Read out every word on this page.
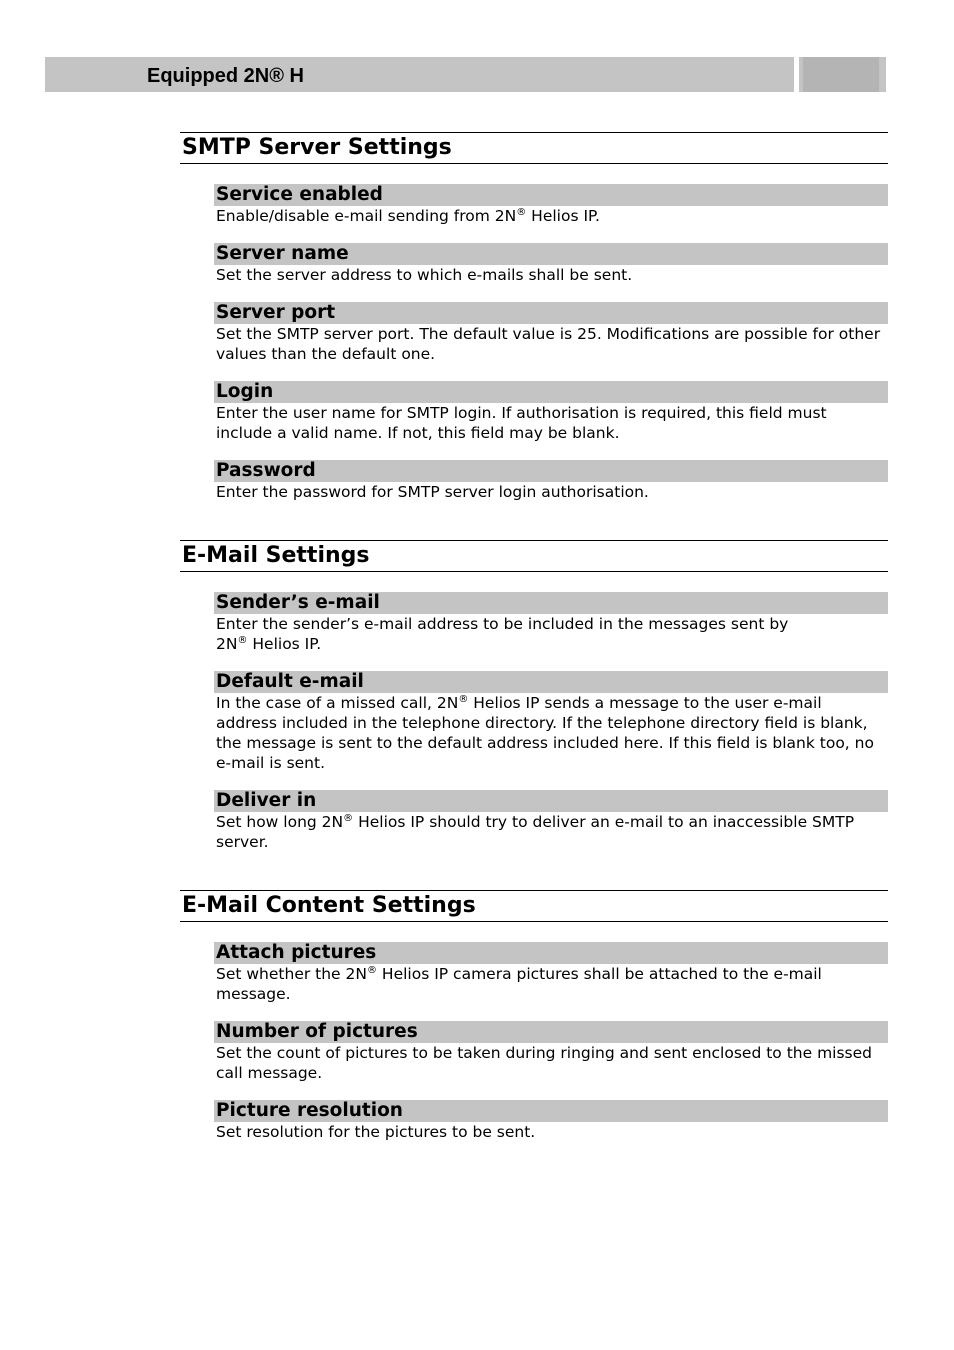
Equipped 2N® H
SMTP Server Settings
Service enabled

Enable/disable e-mail sending from 2N® Helios IP.

Server name

Set the server address to which e-mails shall be sent.

Server port

Set the SMTP server port. The default value is 25. Modifications are possible for other values than the default one.

Login

Enter the user name for SMTP login. If authorisation is required, this field must include a valid name. If not, this field may be blank.

Password

Enter the password for SMTP server login authorisation.

E-Mail Settings
Sender’s e-mail

Enter the sender’s e-mail address to be included in the messages sent by
2N® Helios IP.

Default e-mail

In the case of a missed call, 2N® Helios IP sends a message to the user e-mail address included in the telephone directory. If the telephone directory field is blank, the message is sent to the default address included here. If this field is blank too, no e-mail is sent.

Deliver in

Set how long 2N® Helios IP should try to deliver an e-mail to an inaccessible SMTP server.

E-Mail Content Settings
Attach pictures

Set whether the 2N® Helios IP camera pictures shall be attached to the e-mail message.

Number of pictures

Set the count of pictures to be taken during ringing and sent enclosed to the missed call message.

Picture resolution

Set resolution for the pictures to be sent.
